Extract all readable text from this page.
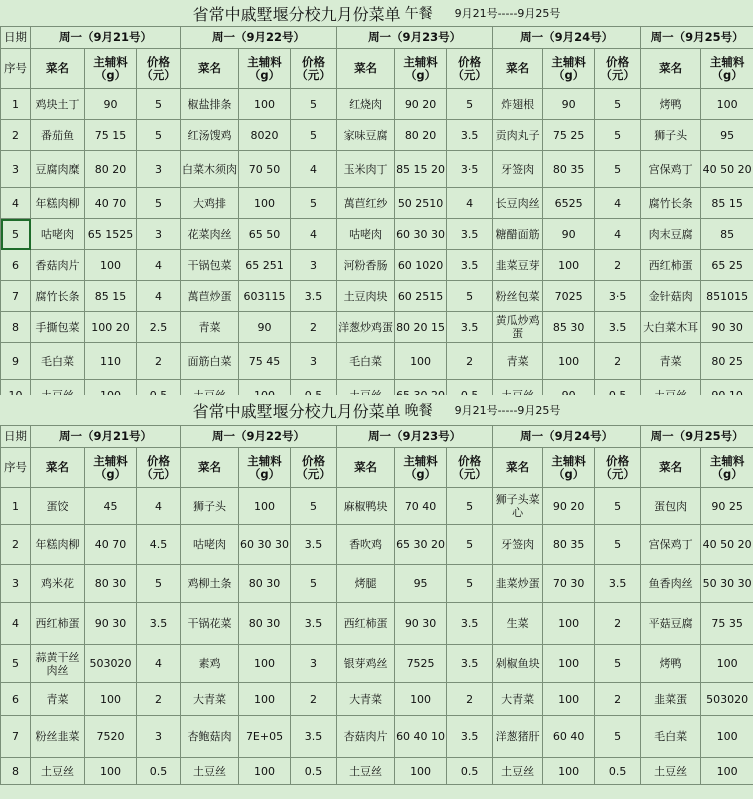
省常中戚墅堰分校九月份菜单 午餐 9月21号-----9月25号
日期	周一（9月21号）			周一（9月22号）			周一（9月23号）			周一（9月24号）			周一（9月25号）		
序号	菜名	主辅料（g）	价格（元）	菜名	主辅料（g）	价格（元）	菜名	主辅料（g）	价格（元）	菜名	主辅料（g）	价格（元）	菜名	主辅料（g）	
1	鸡块土丁	90	5	椒盐排条	100	5	红烧肉	90 20	5	炸翅根	90	5	烤鸭	100	
2	番茄鱼	75 15	5	红汤馊鸡	8020	5	家味豆腐	80 20	3.5	贡肉丸子	75 25	5	狮子头	95	
3	豆腐肉糜	80 20	3	白菜木须肉	70 50	4	玉米肉丁	85 15 20	3·5	牙签肉	80 35	5	宫保鸡丁	40 50 20	
4	年糕肉柳	40 70	5	大鸡排	100	5	萬苣红纱	50 2510	4	长豆肉丝	6525	4	腐竹长条	85 15	
5	咕咾肉	65 1525	3	花菜肉丝	65 50	4	咕咾肉	60 30 30	3.5	糖醋面筋	90	4	肉末豆腐	85	
6	香菇肉片	100	4	干锅包菜	65 251	3	河粉香肠	60 1020	3.5	韭菜豆芽	100	2	西红柿蛋	65 25	
7	腐竹长条	85 15	4	萬苣炒蛋	603115	3.5	土豆肉块	60 2515	5	粉丝包菜	7025	3·5	金针菇肉	851015	
8	手撕包菜	100 20	2.5	青菜	90	2	洋葱炒鸡蛋	80 20 15	3.5	黄瓜炒鸡蛋	85 30	3.5	大白菜木耳	90 30	
9	毛白菜	110	2	面筋白菜	75 45	3	毛白菜	100	2	青菜	100	2	青菜	80 25	

省常中戚墅堰分校九月份菜单 晚餐 9月21号-----9月25号
日期	周一（9月21号）			周一（9月22号）			周一（9月23号）			周一（9月24号）			周一（9月25号）		
序号	菜名	主辅料（g）	价格（元）	菜名	主辅料（g）	价格（元）	菜名	主辅料（g）	价格（元）	菜名	主辅料（g）	价格（元）	菜名	主辅料（g）	
1	蛋饺	45	4	狮子头	100	5	麻椒鸭块	70 40	5	狮子头菜心	90 20	5	蛋包肉	90 25	
2	年糕肉柳	40 70	4.5	咕咾肉	60 30 30	3.5	香吹鸡	65 30 20	5	牙签肉	80 35	5	宫保鸡丁	40 50 20	
3	鸡米花	80 30	5	鸡柳土条	80 30	5	烤腿	95	5	韭菜炒蛋	70 30	3.5	鱼香肉丝	50 30 30	
4	西红柿蛋	90 30	3.5	干锅花菜	80 30	3.5	西红柿蛋	90 30	3.5	生菜	100	2	平菇豆腐	75 35	
5	蒜黄干丝肉丝	503020	4	素鸡	100	3	银芽鸡丝	7525	3.5	剁椒鱼块	100	5	烤鸭	100	
6	青菜	100	2	大青菜	100	2	大青菜	100	2	大青菜	100	2	韭菜蛋	503020	
7	粉丝韭菜	7520	3	杏鲍菇肉	7E+05	3.5	杏菇肉片	60 40 10	3.5	洋葱猪肝	60 40	5	毛白菜	100	
8	土豆丝	100	0.5	土豆丝	100	0.5	土豆丝	100	0.5	土豆丝	100	0.5	土豆丝	100	
